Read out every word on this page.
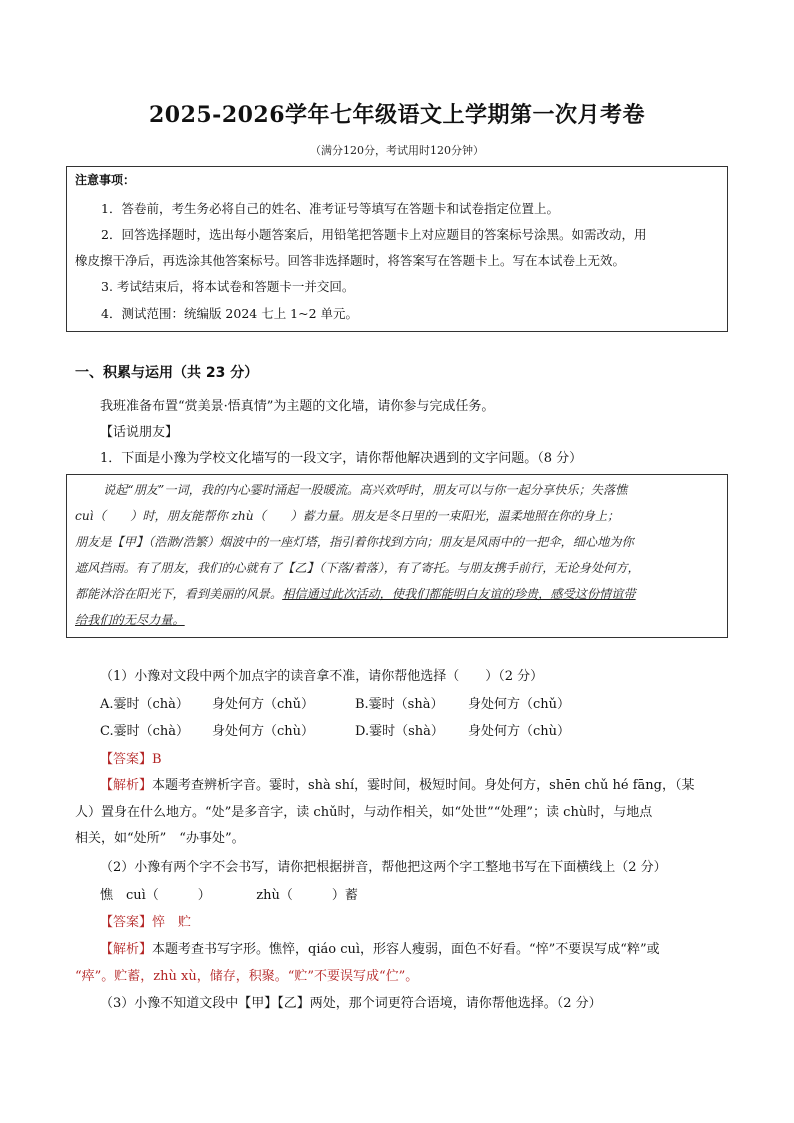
2025-2026学年七年级语文上学期第一次月考卷
（满分120分，考试用时120分钟）
注意事项：
1．答卷前，考生务必将自己的姓名、准考证号等填写在答题卡和试卷指定位置上。
2．回答选择题时，选出每小题答案后，用铅笔把答题卡上对应题目的答案标号涂黑。如需改动，用
橡皮擦干净后，再选涂其他答案标号。回答非选择题时，将答案写在答题卡上。写在本试卷上无效。
3. 考试结束后，将本试卷和答题卡一并交回。
4．测试范围：统编版 2024 七上 1~2 单元。
一、积累与运用（共 23 分）
我班准备布置“赏美景·悟真情”为主题的文化墙，请你参与完成任务。
【话说朋友】
1．下面是小豫为学校文化墙写的一段文字，请你帮他解决遇到的文字问题。（8 分）
说起“朋友”一词，我的内心霎时涌起一股暖流。高兴欢呼时，朋友可以与你一起分享快乐；失落憔
cuì（　　）时，朋友能帮你 zhù（　　）蓄力量。朋友是冬日里的一束阳光，温柔地照在你的身上；
朋友是【甲】（浩渺/浩繁）烟波中的一座灯塔，指引着你找到方向；朋友是风雨中的一把伞，细心地为你
遮风挡雨。有了朋友，我们的心就有了【乙】（下落/着落），有了寄托。与朋友携手前行，无论身处何方，
都能沐浴在阳光下，看到美丽的风景。相信通过此次活动，使我们都能明白友谊的珍贵，感受这份情谊带
给我们的无尽力量。
（1）小豫对文段中两个加点字的读音拿不准，请你帮他选择（　　）（2 分）
A.霎时（chà） 身处何方（chǔ）	B.霎时（shà） 身处何方（chǔ）
C.霎时（chà） 身处何方（chù）	D.霎时（shà） 身处何方（chù）
【答案】B
【解析】本题考查辨析字音。霎时，shà shí，霎时间，极短时间。身处何方，shēn chǔ hé fāng，（某
人）置身在什么地方。“处”是多音字，读 chǔ时，与动作相关，如“处世”“处理”；读 chù时，与地点
相关，如“处所”　“办事处”。
（2）小豫有两个字不会书写，请你把根据拼音，帮他把这两个字工整地书写在下面横线上（2 分）
憔　cuì（　　　）　　　　zhù（　　　）蓄
【答案】悴　贮
【解析】本题考查书写字形。憔悴，qiáo cuì，形容人瘦弱，面色不好看。“悴”不要误写成“粹”或
“瘁”。贮蓄，zhù xù，储存，积聚。“贮”不要误写成“伫”。
（3）小豫不知道文段中【甲】【乙】两处，那个词更符合语境，请你帮他选择。（2 分）
